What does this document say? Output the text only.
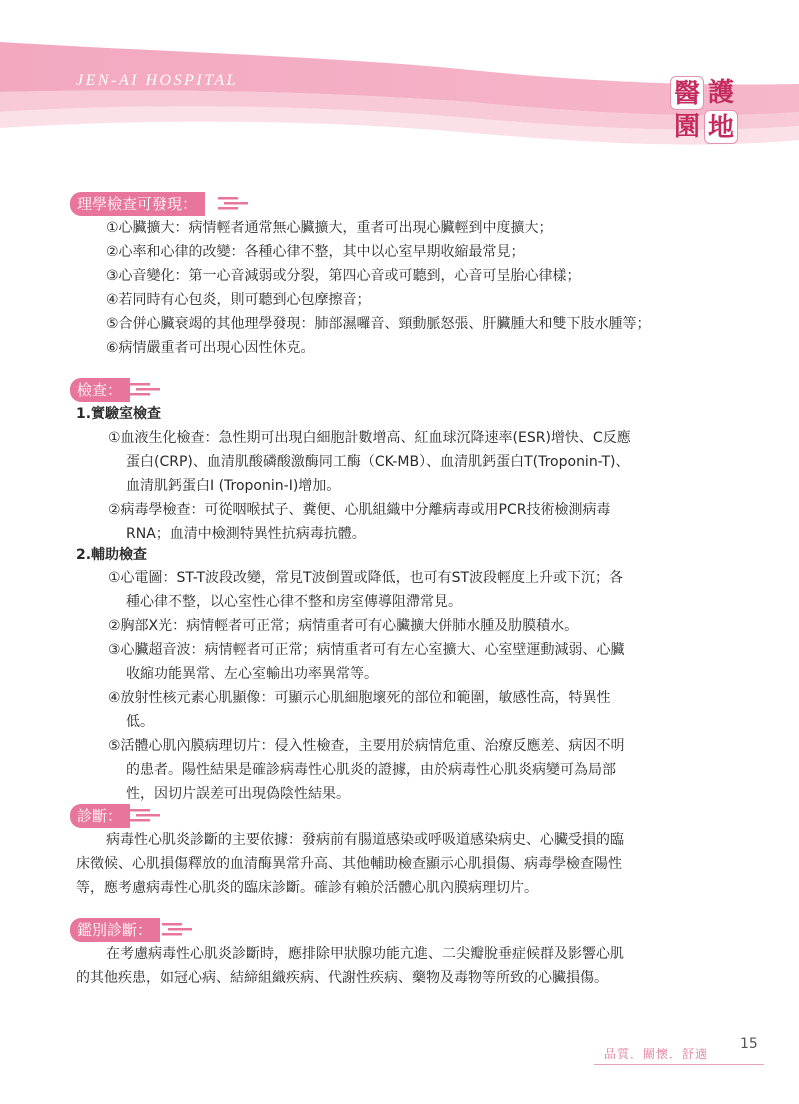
JEN-AI HOSPITAL	醫 護
園 地
理學檢查可發現：
①心臟擴大：病情輕者通常無心臟擴大，重者可出現心臟輕到中度擴大；
②心率和心律的改變：各種心律不整，其中以心室早期收縮最常見；
③心音變化：第一心音減弱或分裂，第四心音或可聽到，心音可呈胎心律樣；
④若同時有心包炎，則可聽到心包摩擦音；
⑤合併心臟衰竭的其他理學發現：肺部濕囉音、頸動脈怒張、肝臟腫大和雙下肢水腫等；
⑥病情嚴重者可出現心因性休克。
檢查：
1.實驗室檢查
①血液生化檢查：急性期可出現白細胞計數增高、紅血球沉降速率(ESR)增快、C反應
蛋白(CRP)、血清肌酸磷酸激酶同工酶（CK-MB）、血清肌鈣蛋白T(Troponin-T)、
血清肌鈣蛋白I (Troponin-I)增加。
②病毒學檢查：可從咽喉拭子、糞便、心肌組織中分離病毒或用PCR技術檢測病毒
RNA；血清中檢測特異性抗病毒抗體。
2.輔助檢查
①心電圖：ST-T波段改變，常見T波倒置或降低，也可有ST波段輕度上升或下沉；各
種心律不整，以心室性心律不整和房室傳導阻滯常見。
②胸部X光：病情輕者可正常；病情重者可有心臟擴大併肺水腫及肋膜積水。
③心臟超音波：病情輕者可正常；病情重者可有左心室擴大、心室壁運動減弱、心臟
收縮功能異常、左心室輸出功率異常等。
④放射性核元素心肌顯像：可顯示心肌細胞壞死的部位和範圍，敏感性高，特異性
低。
⑤活體心肌內膜病理切片：侵入性檢查，主要用於病情危重、治療反應差、病因不明
的患者。陽性結果是確診病毒性心肌炎的證據，由於病毒性心肌炎病變可為局部
性，因切片誤差可出現偽陰性結果。
診斷：
病毒性心肌炎診斷的主要依據：發病前有腸道感染或呼吸道感染病史、心臟受損的臨
床徵候、心肌損傷釋放的血清酶異常升高、其他輔助檢查顯示心肌損傷、病毒學檢查陽性
等，應考慮病毒性心肌炎的臨床診斷。確診有賴於活體心肌內膜病理切片。
鑑別診斷：
在考慮病毒性心肌炎診斷時，應排除甲狀腺功能亢進、二尖瓣脫垂症候群及影響心肌
的其他疾患，如冠心病、結締組織疾病、代謝性疾病、藥物及毒物等所致的心臟損傷。
品質．關懷．舒適
15
